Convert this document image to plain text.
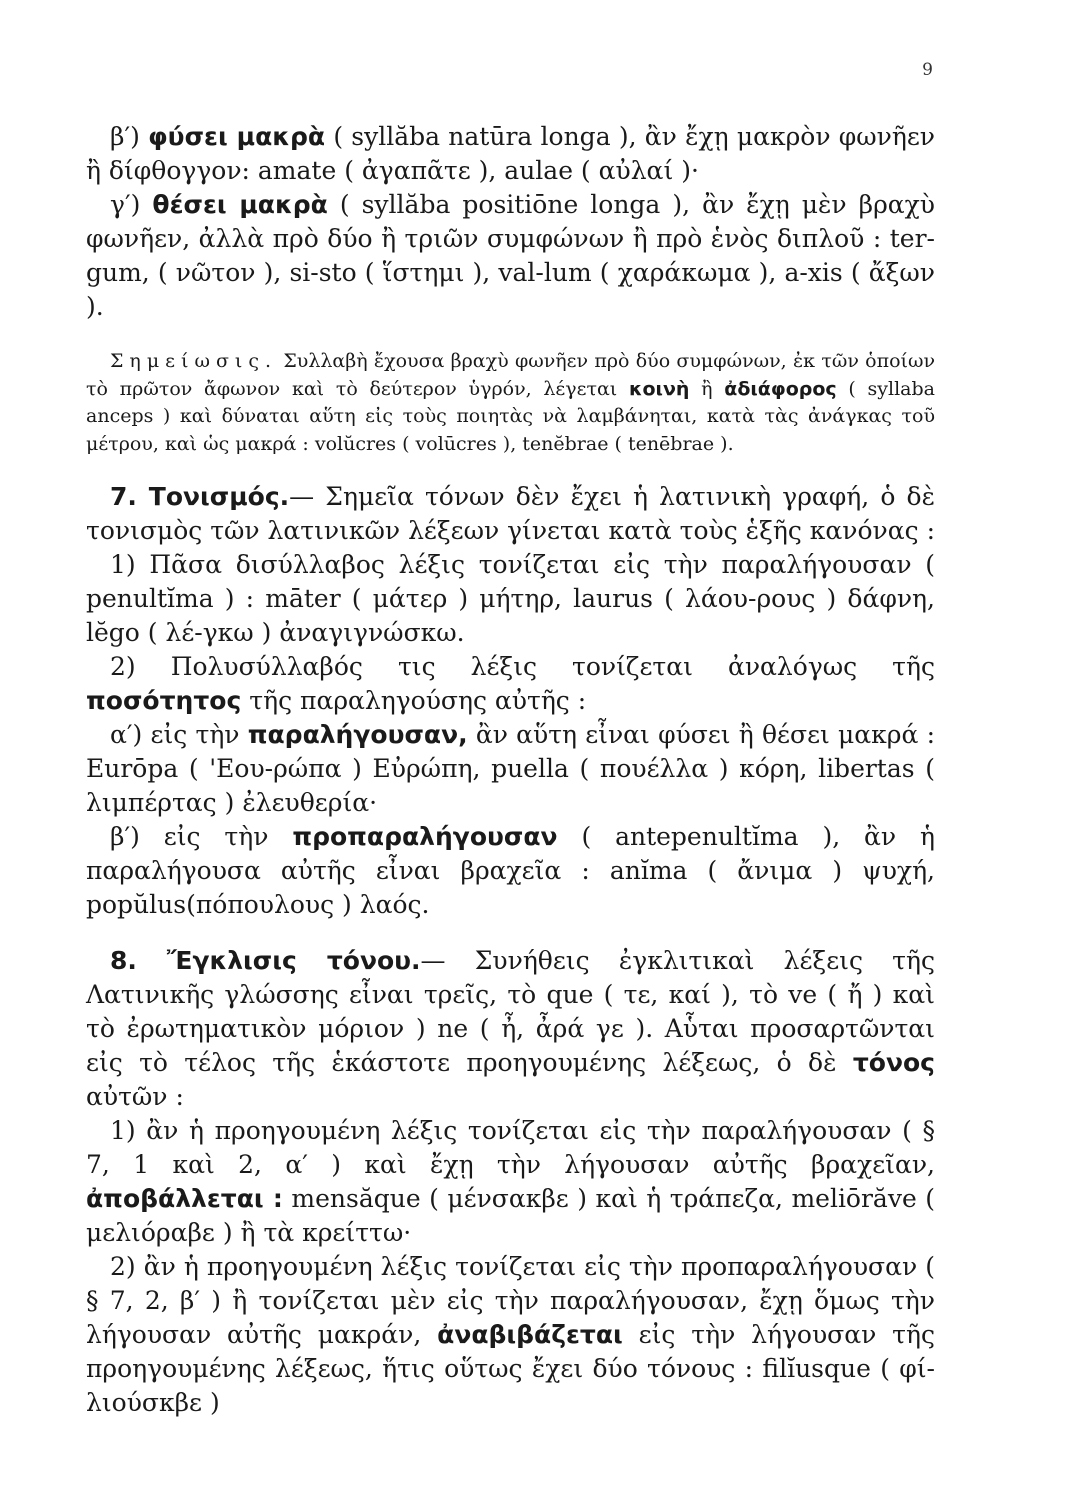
9

β′) φύσει μακρὰ ( syllăba natūra longa ), ἂν ἔχῃ μακρὸν φωνῆεν ἢ δίφθογγον: amate ( ἀγαπᾶτε ), aulae ( αὐλαί )·

γ′) θέσει μακρὰ ( syllăba positiōne longa ), ἂν ἔχῃ μὲν βραχὺ φωνῆεν, ἀλλὰ πρὸ δύο ἢ τριῶν συμφώνων ἢ πρὸ ἑνὸς διπλοῦ : ter-gum, ( νῶτον ), si-sto ( ἵστημι ), val-lum ( χαράκωμα ), a-xis ( ἄξων ).

Σημείωσις. Συλλαβὴ ἔχουσα βραχὺ φωνῆεν πρὸ δύο συμφώνων, ἐκ τῶν ὁποίων τὸ πρῶτον ἄφωνον καὶ τὸ δεύτερον ὑγρόν, λέγεται κοινὴ ἢ ἀδιάφορος ( syllaba anceps ) καὶ δύναται αὕτη εἰς τοὺς ποιητὰς νὰ λαμβάνηται, κατὰ τὰς ἀνάγκας τοῦ μέτρου, καὶ ὡς μακρά : volŭcres ( volūcres ), tenĕbrae ( tenēbrae ).

7. Τονισμός.— Σημεῖα τόνων δὲν ἔχει ἡ λατινικὴ γραφή, ὁ δὲ τονισμὸς τῶν λατινικῶν λέξεων γίνεται κατὰ τοὺς ἑξῆς κανόνας :

1) Πᾶσα δισύλλαβος λέξις τονίζεται εἰς τὴν παραλήγουσαν ( penultĭma ) : māter ( μάτερ ) μήτηρ, laurus ( λάου-ρους ) δάφνη, lĕgo ( λέ-γκω ) ἀναγιγνώσκω.

2) Πολυσύλλαβός τις λέξις τονίζεται ἀναλόγως τῆς ποσότητος τῆς παραληγούσης αὐτῆς :

α′) εἰς τὴν παραλήγουσαν, ἂν αὕτη εἶναι φύσει ἢ θέσει μακρά : Eurōpa ( 'Εου-ρώπα ) Εὐρώπη, puella ( πουέλλα ) κόρη, libertas ( λιμπέρτας ) ἐλευθερία·

β′) εἰς τὴν προπαραλήγουσαν ( antepenultĭma ), ἂν ἡ παραλήγουσα αὐτῆς εἶναι βραχεῖα : anĭma ( ἄνιμα ) ψυχή, popŭlus(πόπουλους ) λαός.

8. Ἔγκλισις τόνου.— Συνήθεις ἐγκλιτικαὶ λέξεις τῆς Λατινικῆς γλώσσης εἶναι τρεῖς, τὸ que ( τε, καί ), τὸ ve ( ἤ ) καὶ τὸ ἐρωτηματικὸν μόριον ) ne ( ἦ, ἆρά γε ). Αὗται προσαρτῶνται εἰς τὸ τέλος τῆς ἑκάστοτε προηγουμένης λέξεως, ὁ δὲ τόνος αὐτῶν :

1) ἂν ἡ προηγουμένη λέξις τονίζεται εἰς τὴν παραλήγουσαν ( § 7, 1 καὶ 2, α′ ) καὶ ἔχῃ τὴν λήγουσαν αὐτῆς βραχεῖαν, ἀποβάλλεται : mensăque ( μένσακβε ) καὶ ἡ τράπεζα, meliōrăve ( μελιόραβε ) ἢ τὰ κρείττω·

2) ἂν ἡ προηγουμένη λέξις τονίζεται εἰς τὴν προπαραλήγουσαν ( § 7, 2, β′ ) ἢ τονίζεται μὲν εἰς τὴν παραλήγουσαν, ἔχῃ ὅμως τὴν λήγουσαν αὐτῆς μακράν, ἀναβιβάζεται εἰς τὴν λήγουσαν τῆς προηγουμένης λέξεως, ἥτις οὕτως ἔχει δύο τόνους : filĭusque ( φί-λιούσκβε )
